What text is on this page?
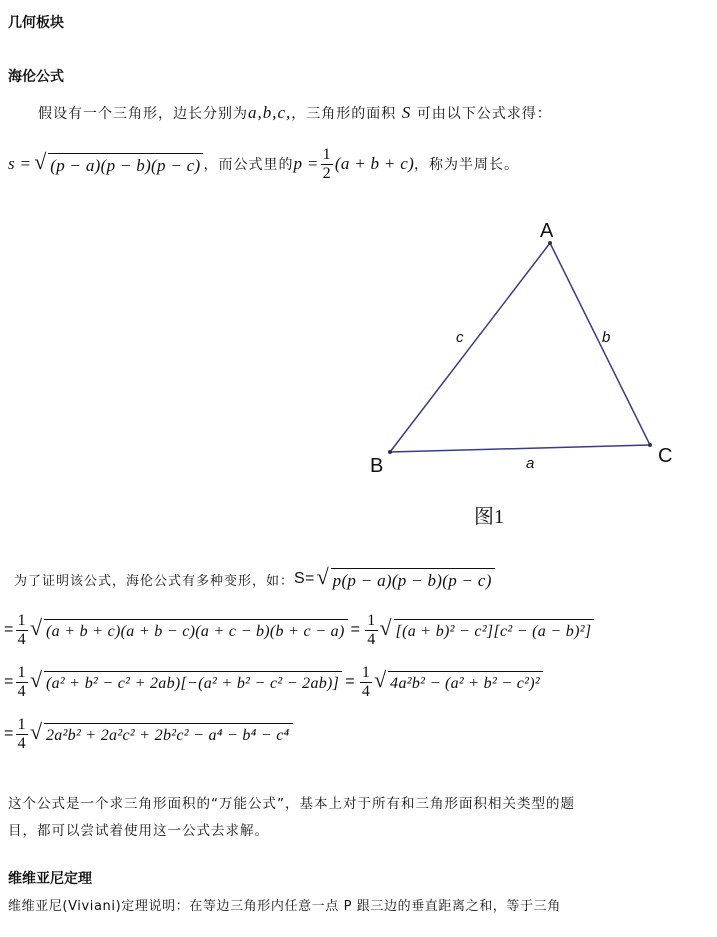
几何板块
海伦公式
假设有一个三角形，边长分别为a,b,c,，三角形的面积 S 可由以下公式求得：
s = √ (p − a)(p − b)(p − c) ，而公式里的 $p = \frac{1}{2} (a + b + c)$ ，称为半周长。
A
B	C
a
b
c
图1
为了证明该公式，海伦公式有多种变形，如： S= √ p(p − a)(p − b)(p − c)
= $\frac{1}{4}$ √ $(a + b + c)(a + b - c)(a + c - b)(b + c - a) = \frac{1}{4}$ √ [(a + b)² − c²][c² − (a − b)²]
= $\frac{1}{4}$ √ $(a^2 + b^2 - c^2 + 2ab)[-(a^2 + b^2 - c^2 - 2ab)] = \frac{1}{4}$ √ 4a²b² − (a² + b² − c²)²
= $\frac{1}{4}$ √ 2a²b² + 2a²c² + 2b²c² − a⁴ − b⁴ − c⁴
这个公式是一个求三角形面积的“万能公式”，基本上对于所有和三角形面积相关类型的题
目，都可以尝试着使用这一公式去求解。
维维亚尼定理
维维亚尼(Viviani)定理说明：在等边三角形内任意一点 P 跟三边的垂直距离之和，等于三角
